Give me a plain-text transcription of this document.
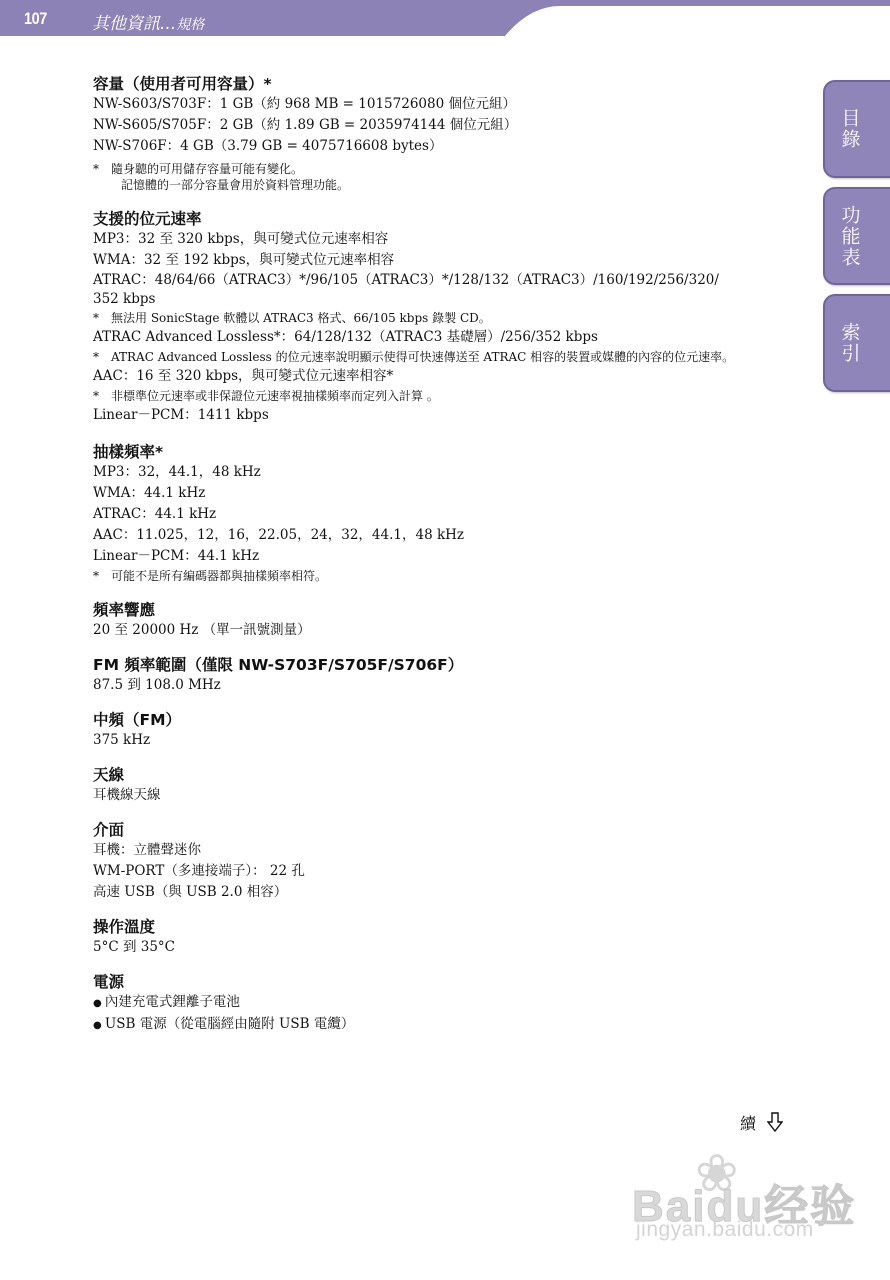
107	其他資訊...規格
目錄
功能表
索引

容量（使用者可用容量）*

NW-S603/S703F：1 GB（約 968 MB = 1015726080 個位元組）

NW-S605/S705F：2 GB（約 1.89 GB = 2035974144 個位元組）

NW-S706F：4 GB（3.79 GB = 4075716608 bytes）

*　隨身聽的可用儲存容量可能有變化。
　記憶體的一部分容量會用於資料管理功能。

支援的位元速率

MP3：32 至 320 kbps，與可變式位元速率相容

WMA：32 至 192 kbps，與可變式位元速率相容

ATRAC：48/64/66（ATRAC3）*/96/105（ATRAC3）*/128/132（ATRAC3）/160/192/256/320/
352 kbps

*　無法用 SonicStage 軟體以 ATRAC3 格式、66/105 kbps 錄製 CD。

ATRAC Advanced Lossless*：64/128/132（ATRAC3 基礎層）/256/352 kbps

*　ATRAC Advanced Lossless 的位元速率說明顯示使得可快速傳送至 ATRAC 相容的裝置或媒體的內容的位元速率。

AAC：16 至 320 kbps，與可變式位元速率相容*

*　非標準位元速率或非保證位元速率視抽樣頻率而定列入計算 。

Linear－PCM：1411 kbps

抽樣頻率*

MP3：32，44.1，48 kHz

WMA：44.1 kHz

ATRAC：44.1 kHz

AAC：11.025，12，16，22.05，24，32，44.1，48 kHz

Linear－PCM：44.1 kHz

*　可能不是所有編碼器都與抽樣頻率相符。

頻率響應

20 至 20000 Hz （單一訊號測量）

FM 頻率範圍（僅限 NW-S703F/S705F/S706F）

87.5 到 108.0 MHz

中頻（FM）

375 kHz

天線

耳機線天線

介面

耳機：立體聲迷你

WM-PORT（多連接端子）： 22 孔

高速 USB（與 USB 2.0 相容）

操作溫度

5°C 到 35°C

電源

● 內建充電式鋰離子電池

● USB 電源（從電腦經由隨附 USB 電纜）

續
❀
Baidu经验
jingyan.baidu.com
